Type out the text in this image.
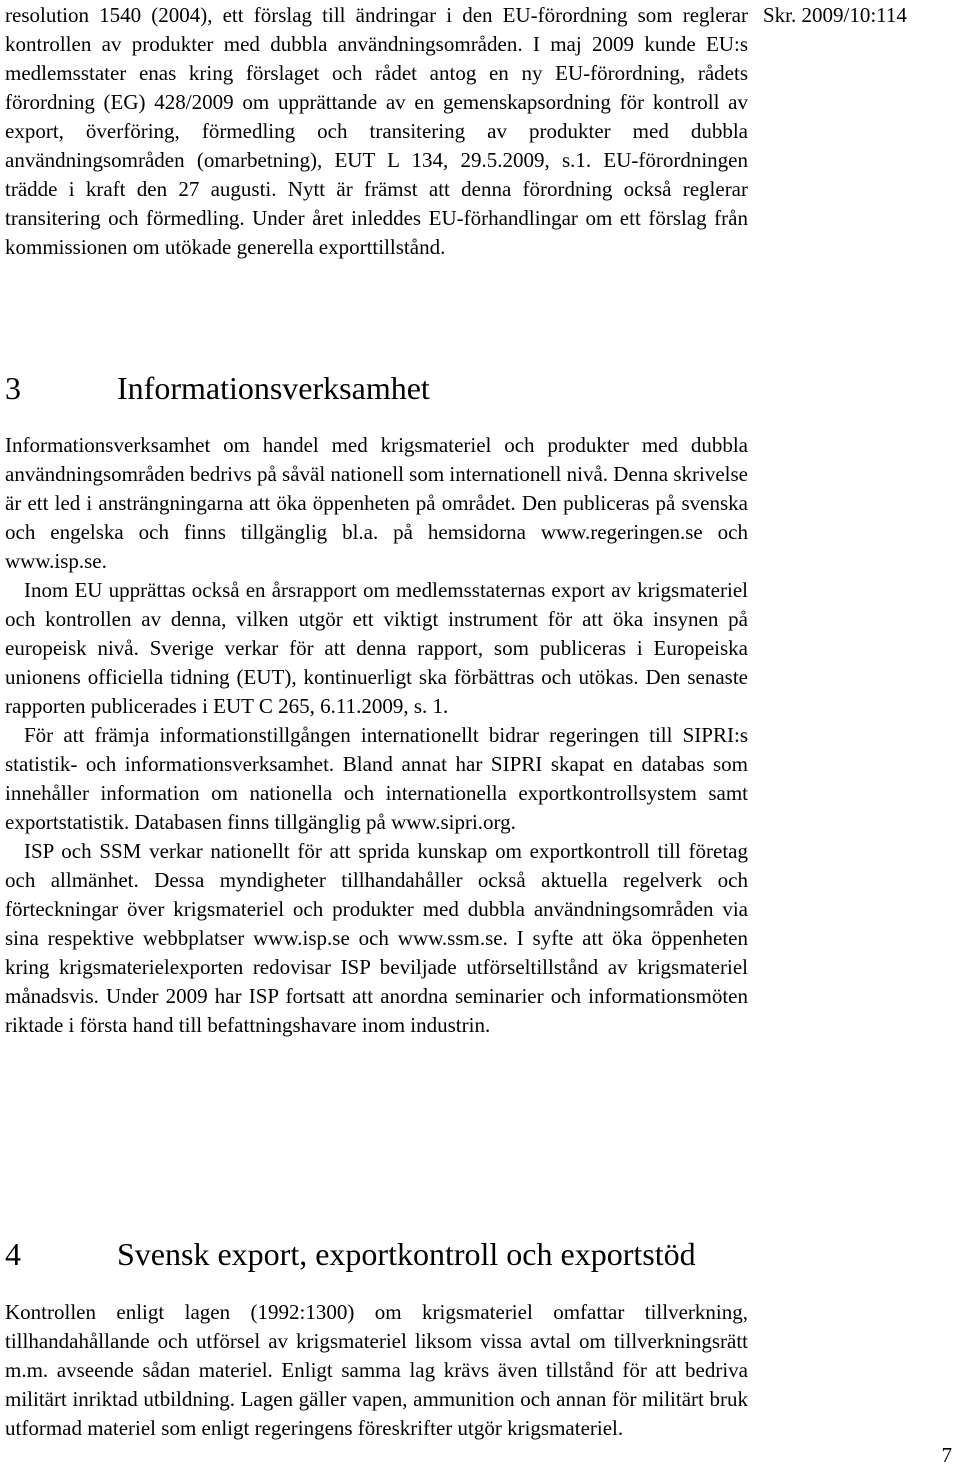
Skr. 2009/10:114

resolution 1540 (2004), ett förslag till ändringar i den EU-förordning som reglerar kontrollen av produkter med dubbla användningsområden. I maj 2009 kunde EU:s medlemsstater enas kring förslaget och rådet antog en ny EU-förordning, rådets förordning (EG) 428/2009 om upprättande av en gemenskapsordning för kontroll av export, överföring, förmedling och transitering av produkter med dubbla användningsområden (omarbetning), EUT L 134, 29.5.2009, s.1. EU-förordningen trädde i kraft den 27 augusti. Nytt är främst att denna förordning också reglerar transitering och förmedling. Under året inleddes EU-förhandlingar om ett förslag från kommissionen om utökade generella exporttillstånd.

3	Informationsverksamhet

Informationsverksamhet om handel med krigsmateriel och produkter med dubbla användningsområden bedrivs på såväl nationell som internationell nivå. Denna skrivelse är ett led i ansträngningarna att öka öppenheten på området. Den publiceras på svenska och engelska och finns tillgänglig bl.a. på hemsidorna www.regeringen.se och www.isp.se.

Inom EU upprättas också en årsrapport om medlemsstaternas export av krigsmateriel och kontrollen av denna, vilken utgör ett viktigt instrument för att öka insynen på europeisk nivå. Sverige verkar för att denna rapport, som publiceras i Europeiska unionens officiella tidning (EUT), kontinuerligt ska förbättras och utökas. Den senaste rapporten publicerades i EUT C 265, 6.11.2009, s. 1.

För att främja informationstillgången internationellt bidrar regeringen till SIPRI:s statistik- och informationsverksamhet. Bland annat har SIPRI skapat en databas som innehåller information om nationella och internationella exportkontrollsystem samt exportstatistik. Databasen finns tillgänglig på www.sipri.org.

ISP och SSM verkar nationellt för att sprida kunskap om exportkontroll till företag och allmänhet. Dessa myndigheter tillhandahåller också aktuella regelverk och förteckningar över krigsmateriel och produkter med dubbla användningsområden via sina respektive webbplatser www.isp.se och www.ssm.se. I syfte att öka öppenheten kring krigsmaterielexporten redovisar ISP beviljade utförseltillstånd av krigsmateriel månadsvis. Under 2009 har ISP fortsatt att anordna seminarier och informationsmöten riktade i första hand till befattningshavare inom industrin.

4	Svensk export, exportkontroll och exportstöd

Kontrollen enligt lagen (1992:1300) om krigsmateriel omfattar tillverkning, tillhandahållande och utförsel av krigsmateriel liksom vissa avtal om tillverkningsrätt m.m. avseende sådan materiel. Enligt samma lag krävs även tillstånd för att bedriva militärt inriktad utbildning. Lagen gäller vapen, ammunition och annan för militärt bruk utformad materiel som enligt regeringens föreskrifter utgör krigsmateriel.

7
